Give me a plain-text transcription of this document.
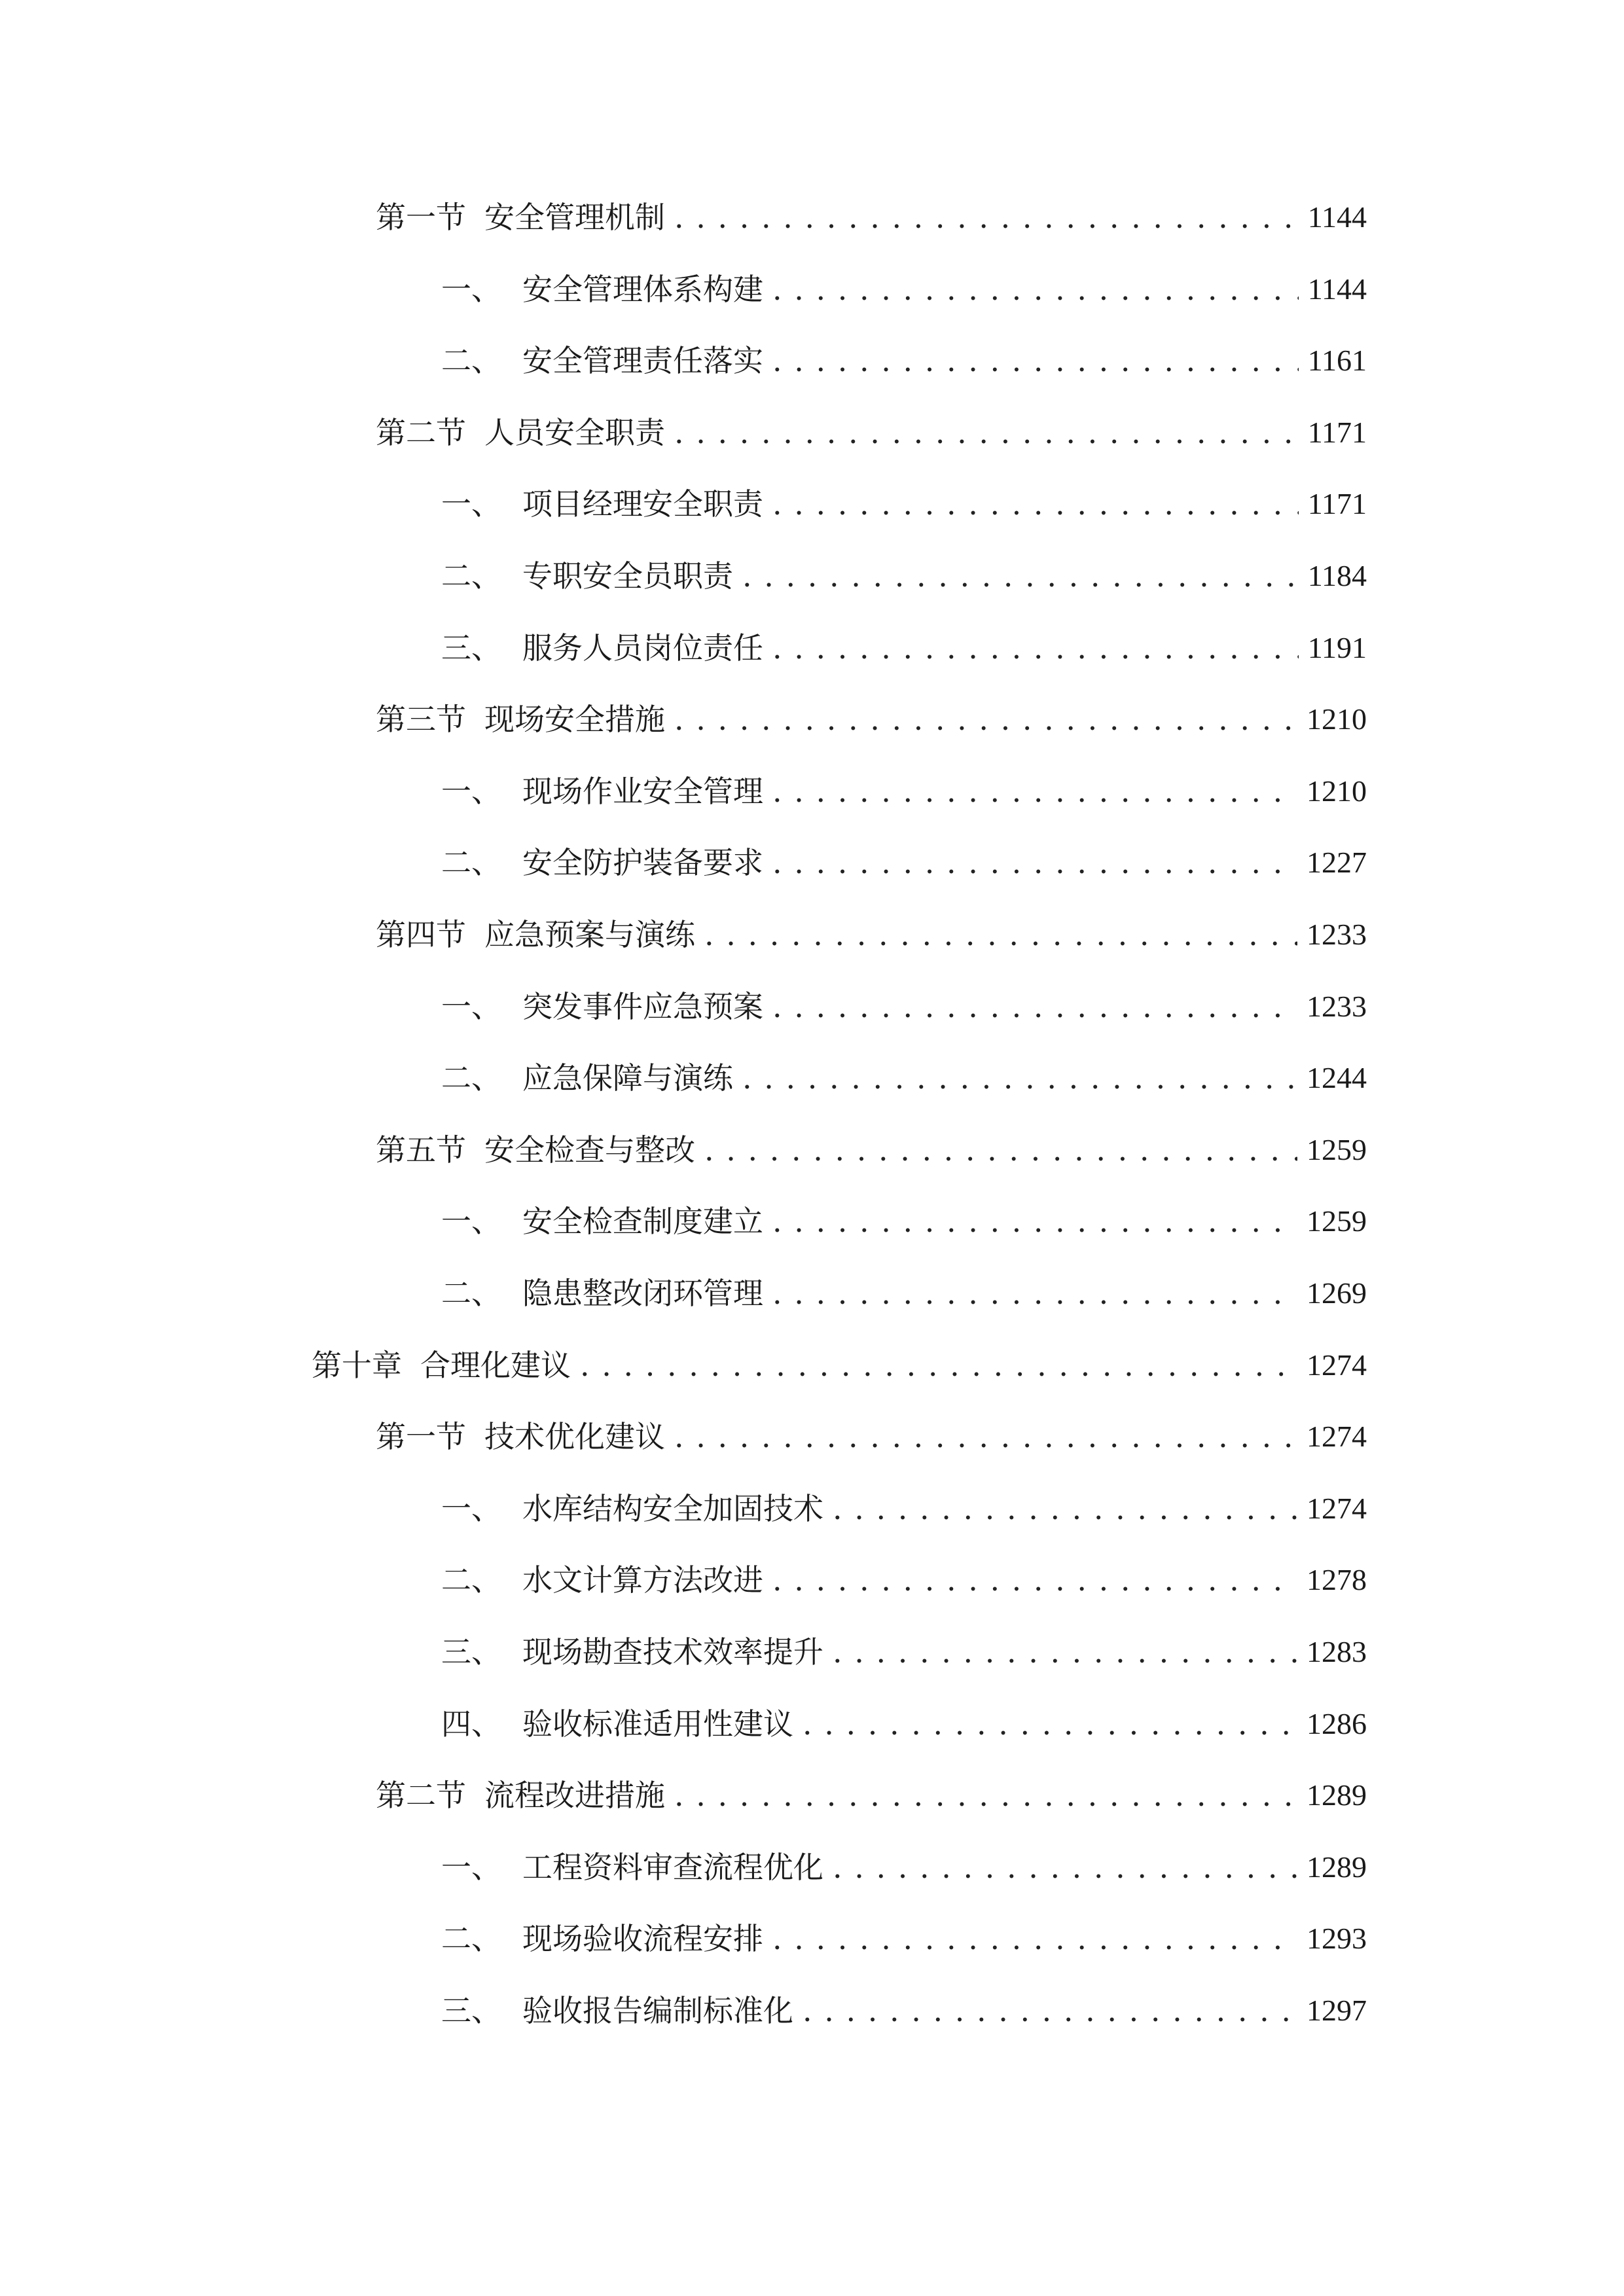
第一节 安全管理机制 . . .	1144
一、 安全管理体系构建 . . .	1144
二、 安全管理责任落实 . . .	1161
第二节 人员安全职责 . . .	1171
一、 项目经理安全职责 . . .	1171
二、 专职安全员职责 . . .	1184
三、 服务人员岗位责任 . . .	1191
第三节 现场安全措施 . . .	1210
一、 现场作业安全管理 . . .	1210
二、 安全防护装备要求 . . .	1227
第四节 应急预案与演练 . . .	1233
一、 突发事件应急预案 . . .	1233
二、 应急保障与演练 . . .	1244
第五节 安全检查与整改 . . .	1259
一、 安全检查制度建立 . . .	1259
二、 隐患整改闭环管理 . . .	1269
第十章 合理化建议 . . .	1274
第一节 技术优化建议 . . .	1274
一、 水库结构安全加固技术 . . .	1274
二、 水文计算方法改进 . . .	1278
三、 现场勘查技术效率提升 . . .	1283
四、 验收标准适用性建议 . . .	1286
第二节 流程改进措施 . . .	1289
一、 工程资料审查流程优化 . . .	1289
二、 现场验收流程安排 . . .	1293
三、 验收报告编制标准化 . . .	1297
